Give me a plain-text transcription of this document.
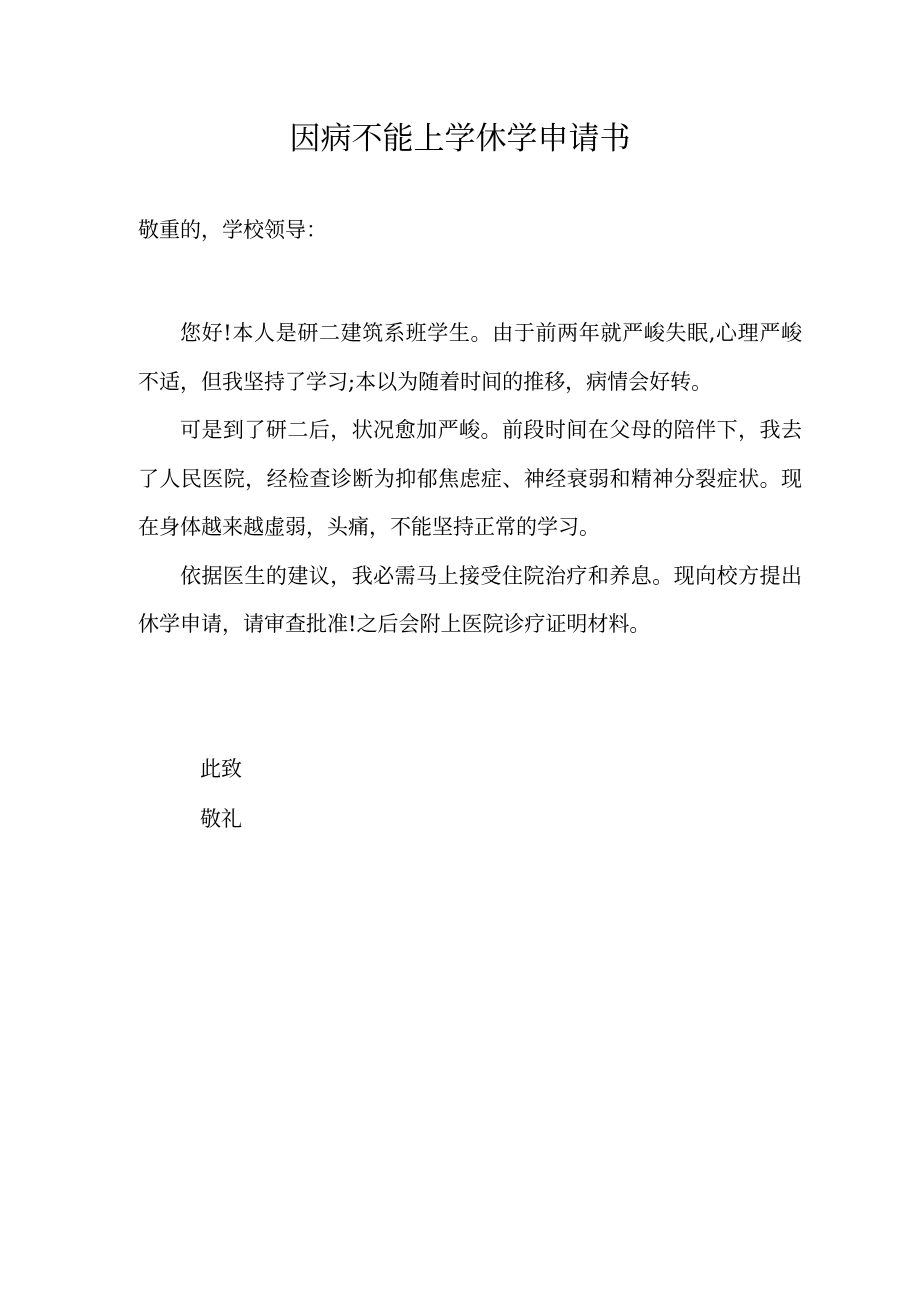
因病不能上学休学申请书
敬重的，学校领导：

您好!本人是研二建筑系班学生。由于前两年就严峻失眠,心理严峻不适，但我坚持了学习;本以为随着时间的推移，病情会好转。

可是到了研二后，状况愈加严峻。前段时间在父母的陪伴下，我去了人民医院，经检查诊断为抑郁焦虑症、神经衰弱和精神分裂症状。现在身体越来越虚弱，头痛，不能坚持正常的学习。

依据医生的建议，我必需马上接受住院治疗和养息。现向校方提出休学申请，请审查批准!之后会附上医院诊疗证明材料。

此致
敬礼
